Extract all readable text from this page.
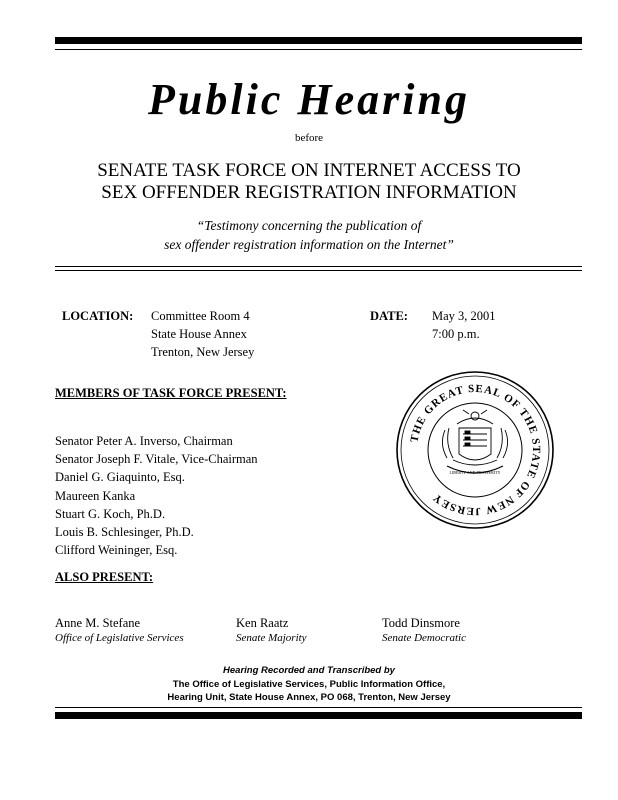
Public Hearing
before
SENATE TASK FORCE ON INTERNET ACCESS TO
SEX OFFENDER REGISTRATION INFORMATION
“Testimony concerning the publication of
sex offender registration information on the Internet”
LOCATION: Committee Room 4
State House Annex
Trenton, New Jersey
DATE: May 3, 2001
7:00 p.m.
MEMBERS OF TASK FORCE PRESENT:
Senator Peter A. Inverso, Chairman
Senator Joseph F. Vitale, Vice-Chairman
Daniel G. Giaquinto, Esq.
Maureen Kanka
Stuart G. Koch, Ph.D.
Louis B. Schlesinger, Ph.D.
Clifford Weininger, Esq.
THE GREAT SEAL OF THE STATE OF NEW JERSEY
LIBERTY AND PROSPERITY
ALSO PRESENT:
Anne M. Stefane
Office of Legislative Services
Ken Raatz
Senate Majority
Todd Dinsmore
Senate Democratic
Hearing Recorded and Transcribed by
The Office of Legislative Services, Public Information Office,
Hearing Unit, State House Annex, PO 068, Trenton, New Jersey
